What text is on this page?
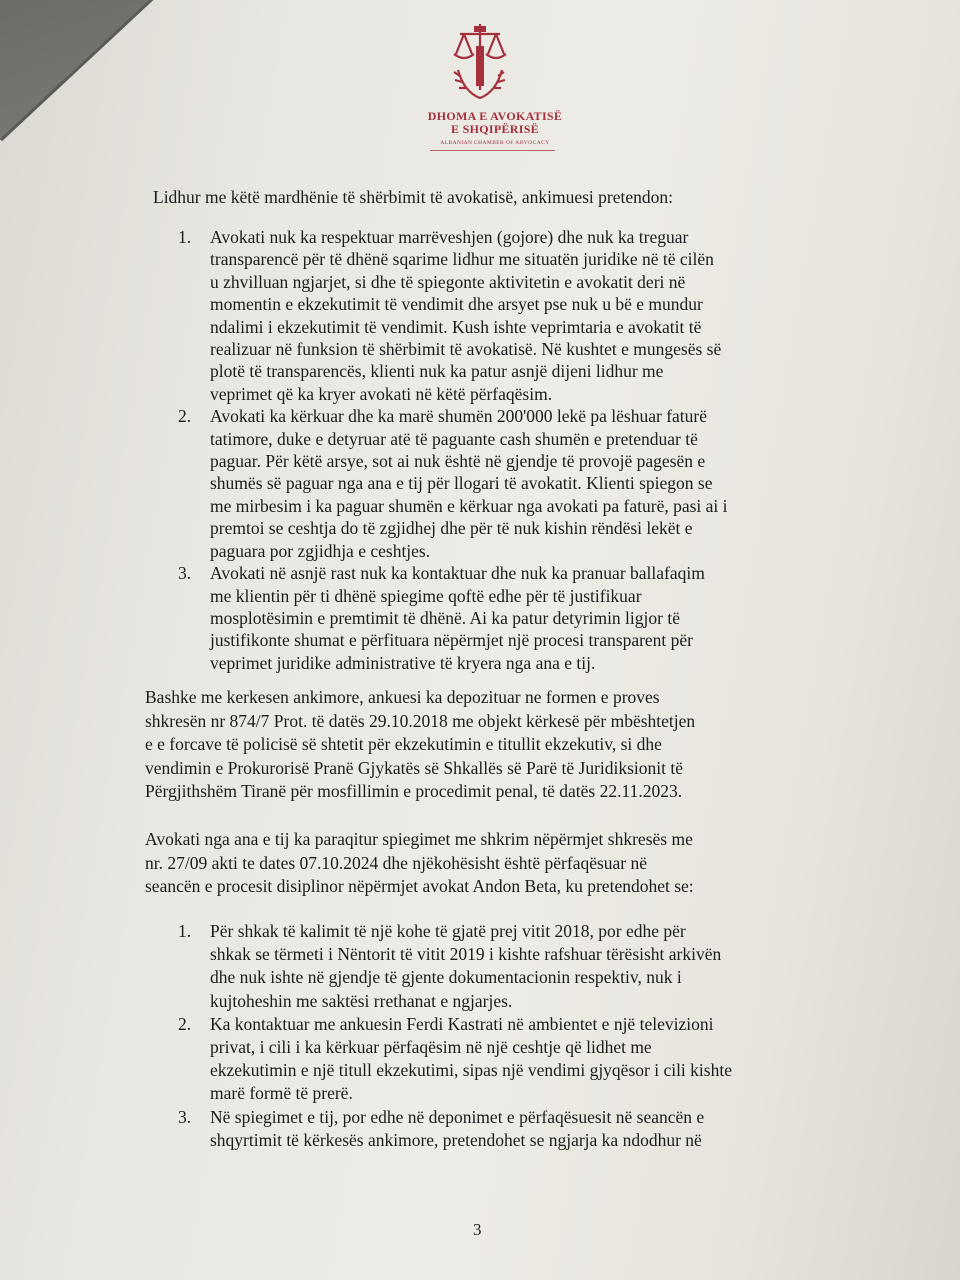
DHOMA E AVOKATISË
E SHQIPËRISË
ALBANIAN CHAMBER OF ADVOCACY
Lidhur me këtë mardhënie të shërbimit të avokatisë, ankimuesi pretendon:
1. Avokati nuk ka respektuar marrëveshjen (gojore) dhe nuk ka treguar
transparencë për të dhënë sqarime lidhur me situatën juridike në të cilën
u zhvilluan ngjarjet, si dhe të spiegonte aktivitetin e avokatit deri në
momentin e ekzekutimit të vendimit dhe arsyet pse nuk u bë e mundur
ndalimi i ekzekutimit të vendimit. Kush ishte veprimtaria e avokatit të
realizuar në funksion të shërbimit të avokatisë. Në kushtet e mungesës së
plotë të transparencës, klienti nuk ka patur asnjë dijeni lidhur me
veprimet që ka kryer avokati në këtë përfaqësim.
2. Avokati ka kërkuar dhe ka marë shumën 200'000 lekë pa lëshuar faturë
tatimore, duke e detyruar atë të paguante cash shumën e pretenduar të
paguar. Për këtë arsye, sot ai nuk është në gjendje të provojë pagesën e
shumës së paguar nga ana e tij për llogari të avokatit. Klienti spiegon se
me mirbesim i ka paguar shumën e kërkuar nga avokati pa faturë, pasi ai i
premtoi se ceshtja do të zgjidhej dhe për të nuk kishin rëndësi lekët e
paguara por zgjidhja e ceshtjes.
3. Avokati në asnjë rast nuk ka kontaktuar dhe nuk ka pranuar ballafaqim
me klientin për ti dhënë spiegime qoftë edhe për të justifikuar
mosplotësimin e premtimit të dhënë. Ai ka patur detyrimin ligjor të
justifikonte shumat e përfituara nëpërmjet një procesi transparent për
veprimet juridike administrative të kryera nga ana e tij.
Bashke me kerkesen ankimore, ankuesi ka depozituar ne formen e proves
shkresën nr 874/7 Prot. të datës 29.10.2018 me objekt kërkesë për mbështetjen
e e forcave të policisë së shtetit për ekzekutimin e titullit ekzekutiv, si dhe
vendimin e Prokurorisë Pranë Gjykatës së Shkallës së Parë të Juridiksionit të
Përgjithshëm Tiranë për mosfillimin e procedimit penal, të datës 22.11.2023.
Avokati nga ana e tij ka paraqitur spiegimet me shkrim nëpërmjet shkresës me
nr. 27/09 akti te dates 07.10.2024 dhe njëkohësisht është përfaqësuar në
seancën e procesit disiplinor nëpërmjet avokat Andon Beta, ku pretendohet se:
1. Për shkak të kalimit të një kohe të gjatë prej vitit 2018, por edhe për
shkak se tërmeti i Nëntorit të vitit 2019 i kishte rafshuar tërësisht arkivën
dhe nuk ishte në gjendje të gjente dokumentacionin respektiv, nuk i
kujtoheshin me saktësi rrethanat e ngjarjes.
2. Ka kontaktuar me ankuesin Ferdi Kastrati në ambientet e një televizioni
privat, i cili i ka kërkuar përfaqësim në një ceshtje që lidhet me
ekzekutimin e një titull ekzekutimi, sipas një vendimi gjyqësor i cili kishte
marë formë të prerë.
3. Në spiegimet e tij, por edhe në deponimet e përfaqësuesit në seancën e
shqyrtimit të kërkesës ankimore, pretendohet se ngjarja ka ndodhur në
3
